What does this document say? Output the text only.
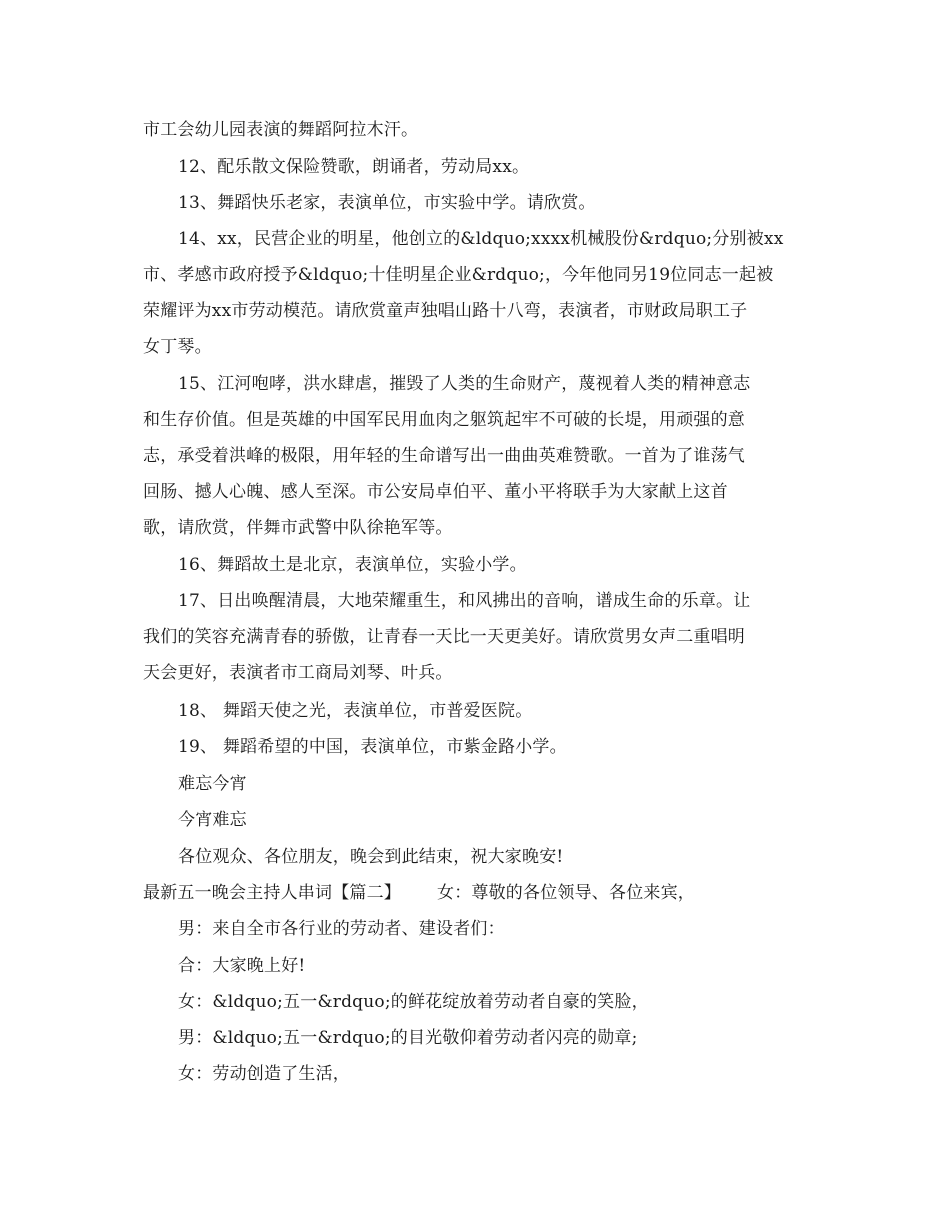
市工会幼儿园表演的舞蹈阿拉木汗。
12、配乐散文保险赞歌，朗诵者，劳动局xx。
13、舞蹈快乐老家，表演单位，市实验中学。请欣赏。
14、xx，民营企业的明星，他创立的&ldquo;xxxx机械股份&rdquo;分别被xx
市、孝感市政府授予&ldquo;十佳明星企业&rdquo;，今年他同另19位同志一起被
荣耀评为xx市劳动模范。请欣赏童声独唱山路十八弯，表演者，市财政局职工子
女丁琴。
15、江河咆哮，洪水肆虐，摧毁了人类的生命财产，蔑视着人类的精神意志
和生存价值。但是英雄的中国军民用血肉之躯筑起牢不可破的长堤，用顽强的意
志，承受着洪峰的极限，用年轻的生命谱写出一曲曲英难赞歌。一首为了谁荡气
回肠、撼人心魄、感人至深。市公安局卓伯平、董小平将联手为大家献上这首
歌，请欣赏，伴舞市武警中队徐艳军等。
16、舞蹈故土是北京，表演单位，实验小学。
17、日出唤醒清晨，大地荣耀重生，和风拂出的音响，谱成生命的乐章。让
我们的笑容充满青春的骄傲，让青春一天比一天更美好。请欣赏男女声二重唱明
天会更好，表演者市工商局刘琴、叶兵。
18、 舞蹈天使之光，表演单位，市普爱医院。
19、 舞蹈希望的中国，表演单位，市紫金路小学。
难忘今宵
今宵难忘
各位观众、各位朋友，晚会到此结束，祝大家晚安!
最新五一晚会主持人串词【篇二】 女：尊敬的各位领导、各位来宾，
男：来自全市各行业的劳动者、建设者们：
合：大家晚上好!
女：&ldquo;五一&rdquo;的鲜花绽放着劳动者自豪的笑脸，
男：&ldquo;五一&rdquo;的目光敬仰着劳动者闪亮的勋章;
女：劳动创造了生活，
